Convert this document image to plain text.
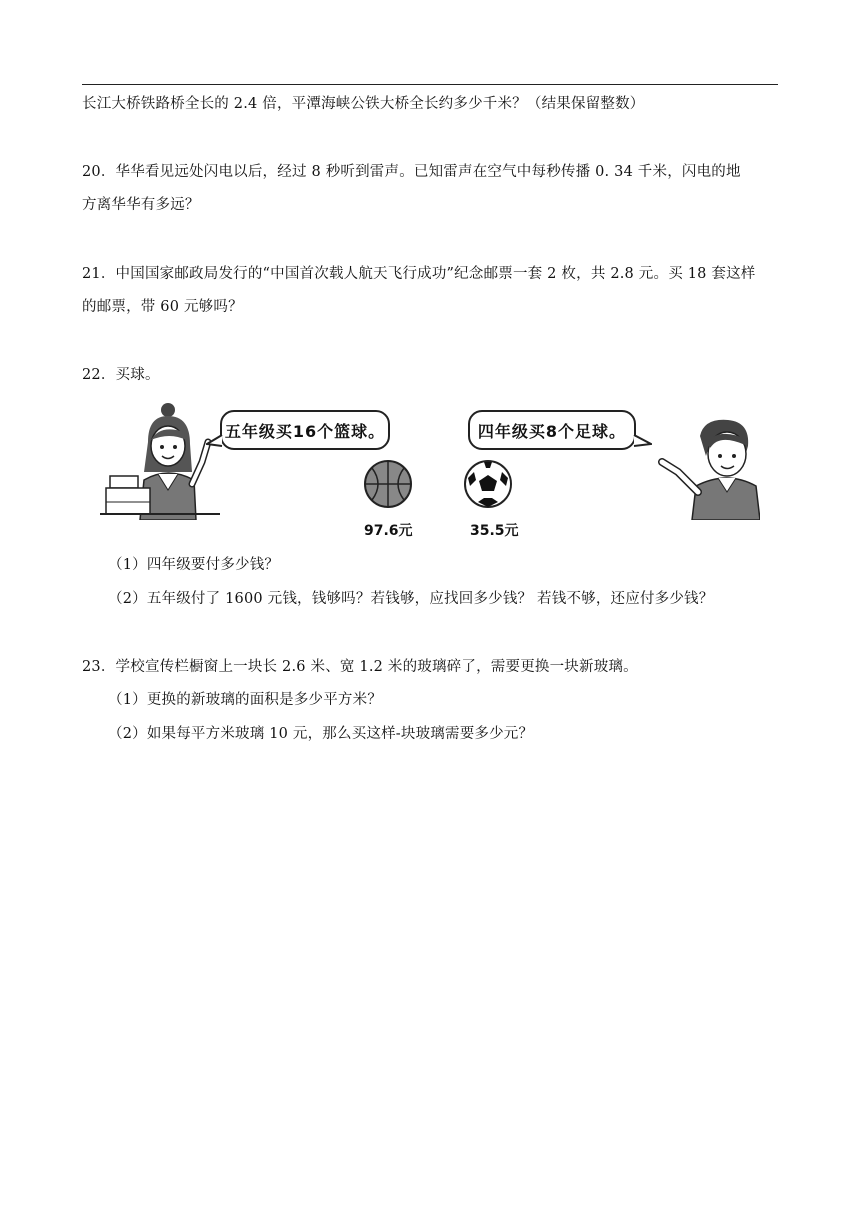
长江大桥铁路桥全长的 2.4 倍，平潭海峡公铁大桥全长约多少千米？（结果保留整数）
20．华华看见远处闪电以后，经过 8 秒听到雷声。已知雷声在空气中每秒传播 0. 34 千米，闪电的地
方离华华有多远？
21．中国国家邮政局发行的“中国首次载人航天飞行成功”纪念邮票一套 2 枚，共 2.8 元。买 18 套这样
的邮票，带 60 元够吗？
22．买球。
五年级买16个篮球。
97.6元	35.5元
四年级买8个足球。
（1）四年级要付多少钱？
（2）五年级付了 1600 元钱，钱够吗？若钱够，应找回多少钱？ 若钱不够，还应付多少钱？
23．学校宣传栏橱窗上一块长 2.6 米、宽 1.2 米的玻璃碎了，需要更换一块新玻璃。
（1）更换的新玻璃的面积是多少平方米？
（2）如果每平方米玻璃 10 元，那么买这样-块玻璃需要多少元？
